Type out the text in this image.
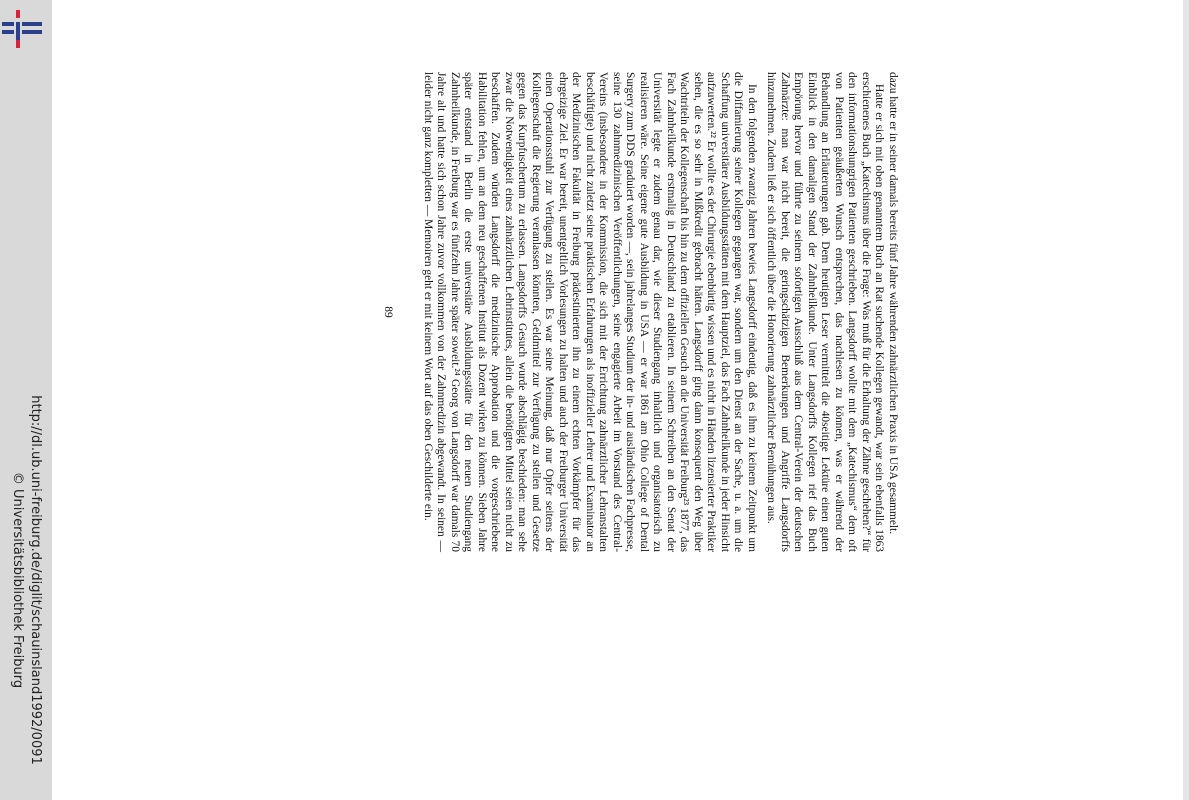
http://dl.ub.uni-freiburg.de/diglit/schauinsland1992/0091
© Universitätsbibliothek Freiburg

dazu hatte er in seiner damals bereits fünf Jahre währenden zahnärztlichen Praxis in USA gesammelt.

Hatte er sich mit oben genanntem Buch an Rat suchende Kollegen gewandt, war sein ebenfalls 1863 erschienenes Buch „Katechismus über die Frage: Was muß für die Erhaltung der Zähne geschehen?“ für den informationshungrigen Patienten geschrieben. Langsdorff wollte mit dem „Katechismus“ dem oft von Patienten geäußerten Wunsch entsprechen, das nachlesen zu können, was er während der Behandlung an Erläuterungen gab. Dem heutigen Leser vermittelt die 40seitige Lektüre einen guten Einblick in den damaligen Stand der Zahnheilkunde. Unter Langsdorffs Kollegen rief das Buch Empörung hervor und führte zu seinem sofortigen Ausschluß aus dem Central-Verein der deutschen Zahnärzte: man war nicht bereit, die geringschätzigen Bemerkungen und Angriffe Langsdorffs hinzunehmen. Zudem ließ er sich öffentlich über die Honorierung zahnärztlicher Bemühungen aus.

In den folgenden zwanzig Jahren bewies Langsdorff eindeutig, daß es ihm zu keinem Zeitpunkt um die Diffamierung seiner Kollegen gegangen war, sondern um den Dienst an der Sache, u. a. um die Schaffung universitärer Ausbildungsstätten mit dem Hauptziel, das Fach Zahnheilkunde in jeder Hinsicht aufzuwerten.²² Er wollte es der Chirurgie ebenbürtig wissen und es nicht in Händen lizensierter Praktiker sehen, die es so sehr in Mißkredit gebracht hätten. Langsdorff ging dann konsequent den Weg über Wachtriteln der Kollegenschaft bis hin zu dem offiziellen Gesuch an die Universität Freiburg²³ 1877, das Fach Zahnheilkunde erstmalig in Deutschland zu etablieren. In seinem Schreiben an den Senat der Universität legte er zudem genau dar, wie dieser Studiengang inhaltlich und organisatorisch zu realisieren wäre. Seine eigene gute Ausbildung in USA — er war 1861 am Ohio College of Dental Surgery zum DDS graduiert worden —, sein jahrelanges Studium der in- und ausländischen Fachpresse, seine 130 zahnmedizinischen Veröffentlichungen, seine engagierte Arbeit im Vorstand des Central-Vereins (insbesondere in der Kommission, die sich mit der Errichtung zahnärztlicher Lehranstalten beschäftigte) und nicht zuletzt seine praktischen Erfahrungen als inoffizieller Lehrer und Examinator an der Medizinischen Fakultät in Freiburg prädestinierten ihn zu einem echten Vorkämpfer für das ehrgeizige Ziel. Er war bereit, unentgeltlich Vorlesungen zu halten und auch der Freiburger Universität einen Operationsstuhl zur Verfügung zu stellen. Es war seine Meinung, daß nur Opfer seitens der Kollegenschaft die Regierung veranlassen könnten, Geldmittel zur Verfügung zu stellen und Gesetze gegen das Kurpfuschertum zu erlassen. Langsdorffs Gesuch wurde abschlägig beschieden: man sehe zwar die Notwendigkeit eines zahnärztlichen Lehrinstitutes, allein die benötigten Mittel seien nicht zu beschaffen. Zudem würden Langsdorff die medizinische Approbation und die vorgeschriebene Habilitation fehlen, um an dem neu geschaffenen Institut als Dozent wirken zu können. Sieben Jahre später entstand in Berlin die erste universitäre Ausbildungsstätte für den neuen Studiengang Zahnheilkunde, in Freiburg war es fünfzehn Jahre später soweit.²⁴ Georg von Langsdorff war damals 70 Jahre alt und hatte sich schon Jahre zuvor vollkommen von der Zahnmedizin abgewandt. In seinen — leider nicht ganz kompletten — Memoiren geht er mit keinem Wort auf das oben Geschilderte ein.

89
